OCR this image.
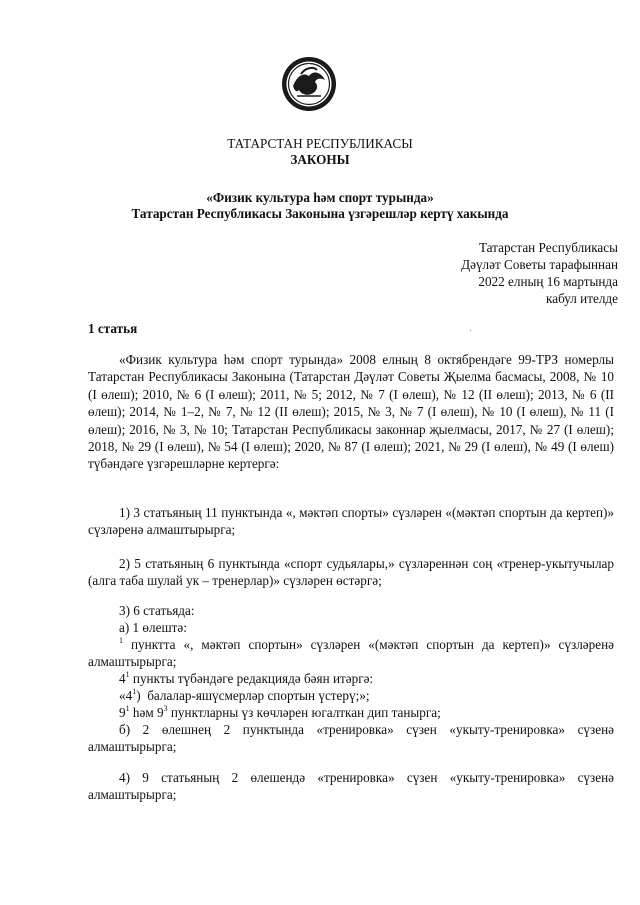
ТАТАРСТАН РЕСПУБЛИКАСЫ
ЗАКОНЫ
«Физик культура һәм спорт турында»
Татарстан Республикасы Законына үзгәрешләр кертү хакында
Татарстан Республикасы
Дәүләт Советы тарафыннан
2022 елның 16 мартында
кабул ителде
1 статья
«Физик культура һәм спорт турында» 2008 елның 8 октябрендәге 99-ТРЗ номерлы Татарстан Республикасы Законына (Татарстан Дәүләт Советы Җыелма басмасы, 2008, № 10 (I өлеш); 2010, № 6 (I өлеш); 2011, № 5; 2012, № 7 (I өлеш), № 12 (II өлеш); 2013, № 6 (II өлеш); 2014, № 1–2, № 7, № 12 (II өлеш); 2015, № 3, № 7 (I өлеш), № 10 (I өлеш), № 11 (I өлеш); 2016, № 3, № 10; Татарстан Республикасы законнар җыелмасы, 2017, № 27 (I өлеш); 2018, № 29 (I өлеш), № 54 (I өлеш); 2020, № 87 (I өлеш); 2021, № 29 (I өлеш), № 49 (I өлеш) түбәндәге үзгәрешләрне кертергә:
1) 3 статьяның 11 пунктында «, мәктәп спорты» сүзләрен «(мәктәп спортын да кертеп)» сүзләренә алмаштырырга;
2) 5 статьяның 6 пунктында «спорт судьялары,» сүзләреннән соң «тренер-укытучылар (алга таба шулай ук – тренерлар)» сүзләрен өстәргә;
3) 6 статьяда:
а) 1 өлештә:
$^1$ пунктта «, мәктәп спортын» сүзләрен «(мәктәп спортын да кертеп)» сүзләренә алмаштырырга;
$4^1$ пункты түбәндәге редакциядә бәян итәргә:
«$4^1$) балалар-яшүсмерләр спортын үстерү;»;
$9^1$ һәм $9^3$ пунктларны үз көчләрен югалткан дип танырга;
б) 2 өлешнең 2 пунктында «тренировка» сүзен «укыту-тренировка» сүзенә алмаштырырга;
4) 9 статьяның 2 өлешендә «тренировка» сүзен «укыту-тренировка» сүзенә алмаштырырга;
